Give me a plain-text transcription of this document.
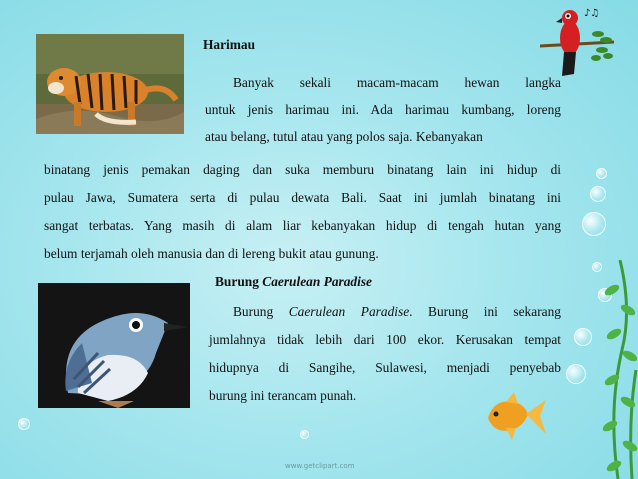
♪♫
Harimau
Banyak sekali macam-macam hewan langka
untuk jenis harimau ini. Ada harimau kumbang, loreng
atau belang, tutul atau yang polos saja. Kebanyakan
binatang jenis pemakan daging dan suka memburu binatang lain ini hidup di
pulau Jawa, Sumatera serta di pulau dewata Bali. Saat ini jumlah binatang ini
sangat terbatas. Yang masih di alam liar kebanyakan hidup di tengah hutan yang
belum terjamah oleh manusia dan di lereng bukit atau gunung.
Burung Caerulean Paradise
Burung Caerulean Paradise. Burung ini sekarang
jumlahnya tidak lebih dari 100 ekor. Kerusakan tempat
hidupnya di Sangihe, Sulawesi, menjadi penyebab
burung ini terancam punah.
www.getclipart.com
